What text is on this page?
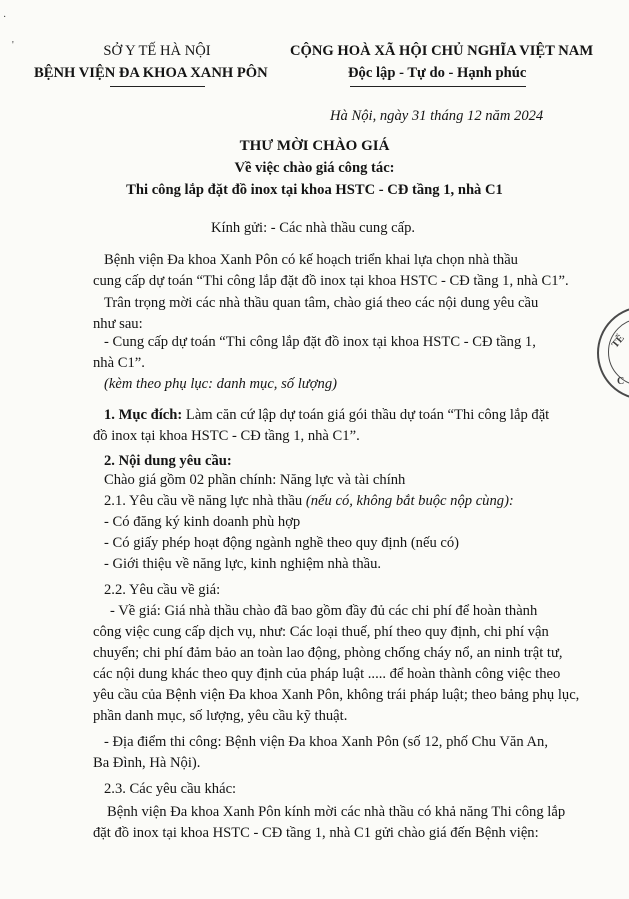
·
'	SỞ Y TẾ HÀ NỘI
BỆNH VIỆN ĐA KHOA XANH PÔN
CỘNG HOÀ XÃ HỘI CHỦ NGHĨA VIỆT NAM
Độc lập - Tự do - Hạnh phúc
Hà Nội, ngày 31 tháng 12 năm 2024
THƯ MỜI CHÀO GIÁ
Về việc chào giá công tác:
Thi công lắp đặt đồ inox tại khoa HSTC - CĐ tầng 1, nhà C1
Kính gửi: - Các nhà thầu cung cấp.
Bệnh viện Đa khoa Xanh Pôn có kế hoạch triển khai lựa chọn nhà thầu
cung cấp dự toán “Thi công lắp đặt đồ inox tại khoa HSTC - CĐ tầng 1, nhà C1”.
Trân trọng mời các nhà thầu quan tâm, chào giá theo các nội dung yêu cầu
như sau:
- Cung cấp dự toán “Thi công lắp đặt đồ inox tại khoa HSTC - CĐ tầng 1,
nhà C1”.
(kèm theo phụ lục: danh mục, số lượng)
1. Mục đích: Làm căn cứ lập dự toán giá gói thầu dự toán “Thi công lắp đặt
đồ inox tại khoa HSTC - CĐ tầng 1, nhà C1”.
2. Nội dung yêu cầu:
Chào giá gồm 02 phần chính: Năng lực và tài chính
2.1. Yêu cầu về năng lực nhà thầu (nếu có, không bắt buộc nộp cùng):
- Có đăng ký kinh doanh phù hợp
- Có giấy phép hoạt động ngành nghề theo quy định (nếu có)
- Giới thiệu về năng lực, kinh nghiệm nhà thầu.
2.2. Yêu cầu về giá:
- Về giá: Giá nhà thầu chào đã bao gồm đầy đủ các chi phí để hoàn thành
công việc cung cấp dịch vụ, như: Các loại thuế, phí theo quy định, chi phí vận
chuyển; chi phí đảm bảo an toàn lao động, phòng chống cháy nổ, an ninh trật tư,
các nội dung khác theo quy định của pháp luật ..... để hoàn thành công việc theo
yêu cầu của Bệnh viện Đa khoa Xanh Pôn, không trái pháp luật; theo bảng phụ lục,
phần danh mục, số lượng, yêu cầu kỹ thuật.
- Địa điểm thi công: Bệnh viện Đa khoa Xanh Pôn (số 12, phố Chu Văn An,
Ba Đình, Hà Nội).
2.3. Các yêu cầu khác:
Bệnh viện Đa khoa Xanh Pôn kính mời các nhà thầu có khả năng Thi công lắp
đặt đồ inox tại khoa HSTC - CĐ tầng 1, nhà C1 gửi chào giá đến Bệnh viện:
TẾ
C
